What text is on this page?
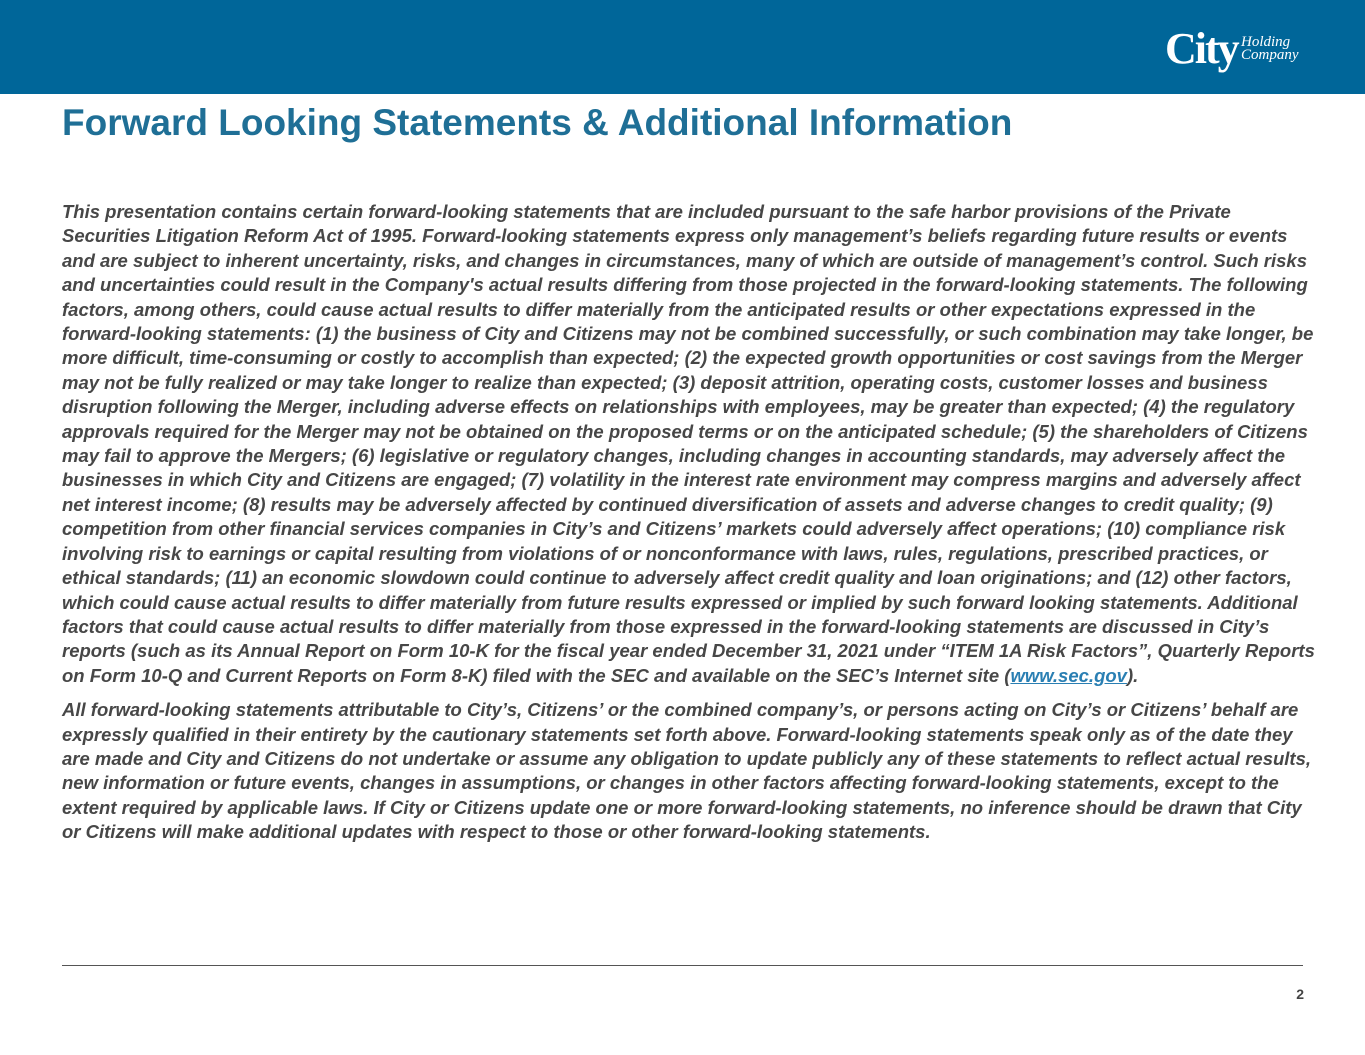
City Holding
Company
Forward Looking Statements & Additional Information

This presentation contains certain forward-looking statements that are included pursuant to the safe harbor provisions of the Private Securities Litigation Reform Act of 1995. Forward-looking statements express only management’s beliefs regarding future results or events and are subject to inherent uncertainty, risks, and changes in circumstances, many of which are outside of management’s control. Such risks and uncertainties could result in the Company's actual results differing from those projected in the forward-looking statements. The following factors, among others, could cause actual results to differ materially from the anticipated results or other expectations expressed in the forward-looking statements: (1) the business of City and Citizens may not be combined successfully, or such combination may take longer, be more difficult, time-consuming or costly to accomplish than expected; (2) the expected growth opportunities or cost savings from the Merger may not be fully realized or may take longer to realize than expected; (3) deposit attrition, operating costs, customer losses and business disruption following the Merger, including adverse effects on relationships with employees, may be greater than expected; (4) the regulatory approvals required for the Merger may not be obtained on the proposed terms or on the anticipated schedule; (5) the shareholders of Citizens may fail to approve the Mergers; (6) legislative or regulatory changes, including changes in accounting standards, may adversely affect the businesses in which City and Citizens are engaged; (7) volatility in the interest rate environment may compress margins and adversely affect net interest income; (8) results may be adversely affected by continued diversification of assets and adverse changes to credit quality; (9) competition from other financial services companies in City’s and Citizens’ markets could adversely affect operations; (10) compliance risk involving risk to earnings or capital resulting from violations of or nonconformance with laws, rules, regulations, prescribed practices, or ethical standards; (11) an economic slowdown could continue to adversely affect credit quality and loan originations; and (12) other factors, which could cause actual results to differ materially from future results expressed or implied by such forward looking statements. Additional factors that could cause actual results to differ materially from those expressed in the forward-looking statements are discussed in City’s reports (such as its Annual Report on Form 10-K for the fiscal year ended December 31, 2021 under “ITEM 1A Risk Factors”, Quarterly Reports on Form 10-Q and Current Reports on Form 8-K) filed with the SEC and available on the SEC’s Internet site (www.sec.gov).

All forward-looking statements attributable to City’s, Citizens’ or the combined company’s, or persons acting on City’s or Citizens’ behalf are expressly qualified in their entirety by the cautionary statements set forth above. Forward-looking statements speak only as of the date they are made and City and Citizens do not undertake or assume any obligation to update publicly any of these statements to reflect actual results, new information or future events, changes in assumptions, or changes in other factors affecting forward-looking statements, except to the extent required by applicable laws. If City or Citizens update one or more forward-looking statements, no inference should be drawn that City or Citizens will make additional updates with respect to those or other forward-looking statements.

2
